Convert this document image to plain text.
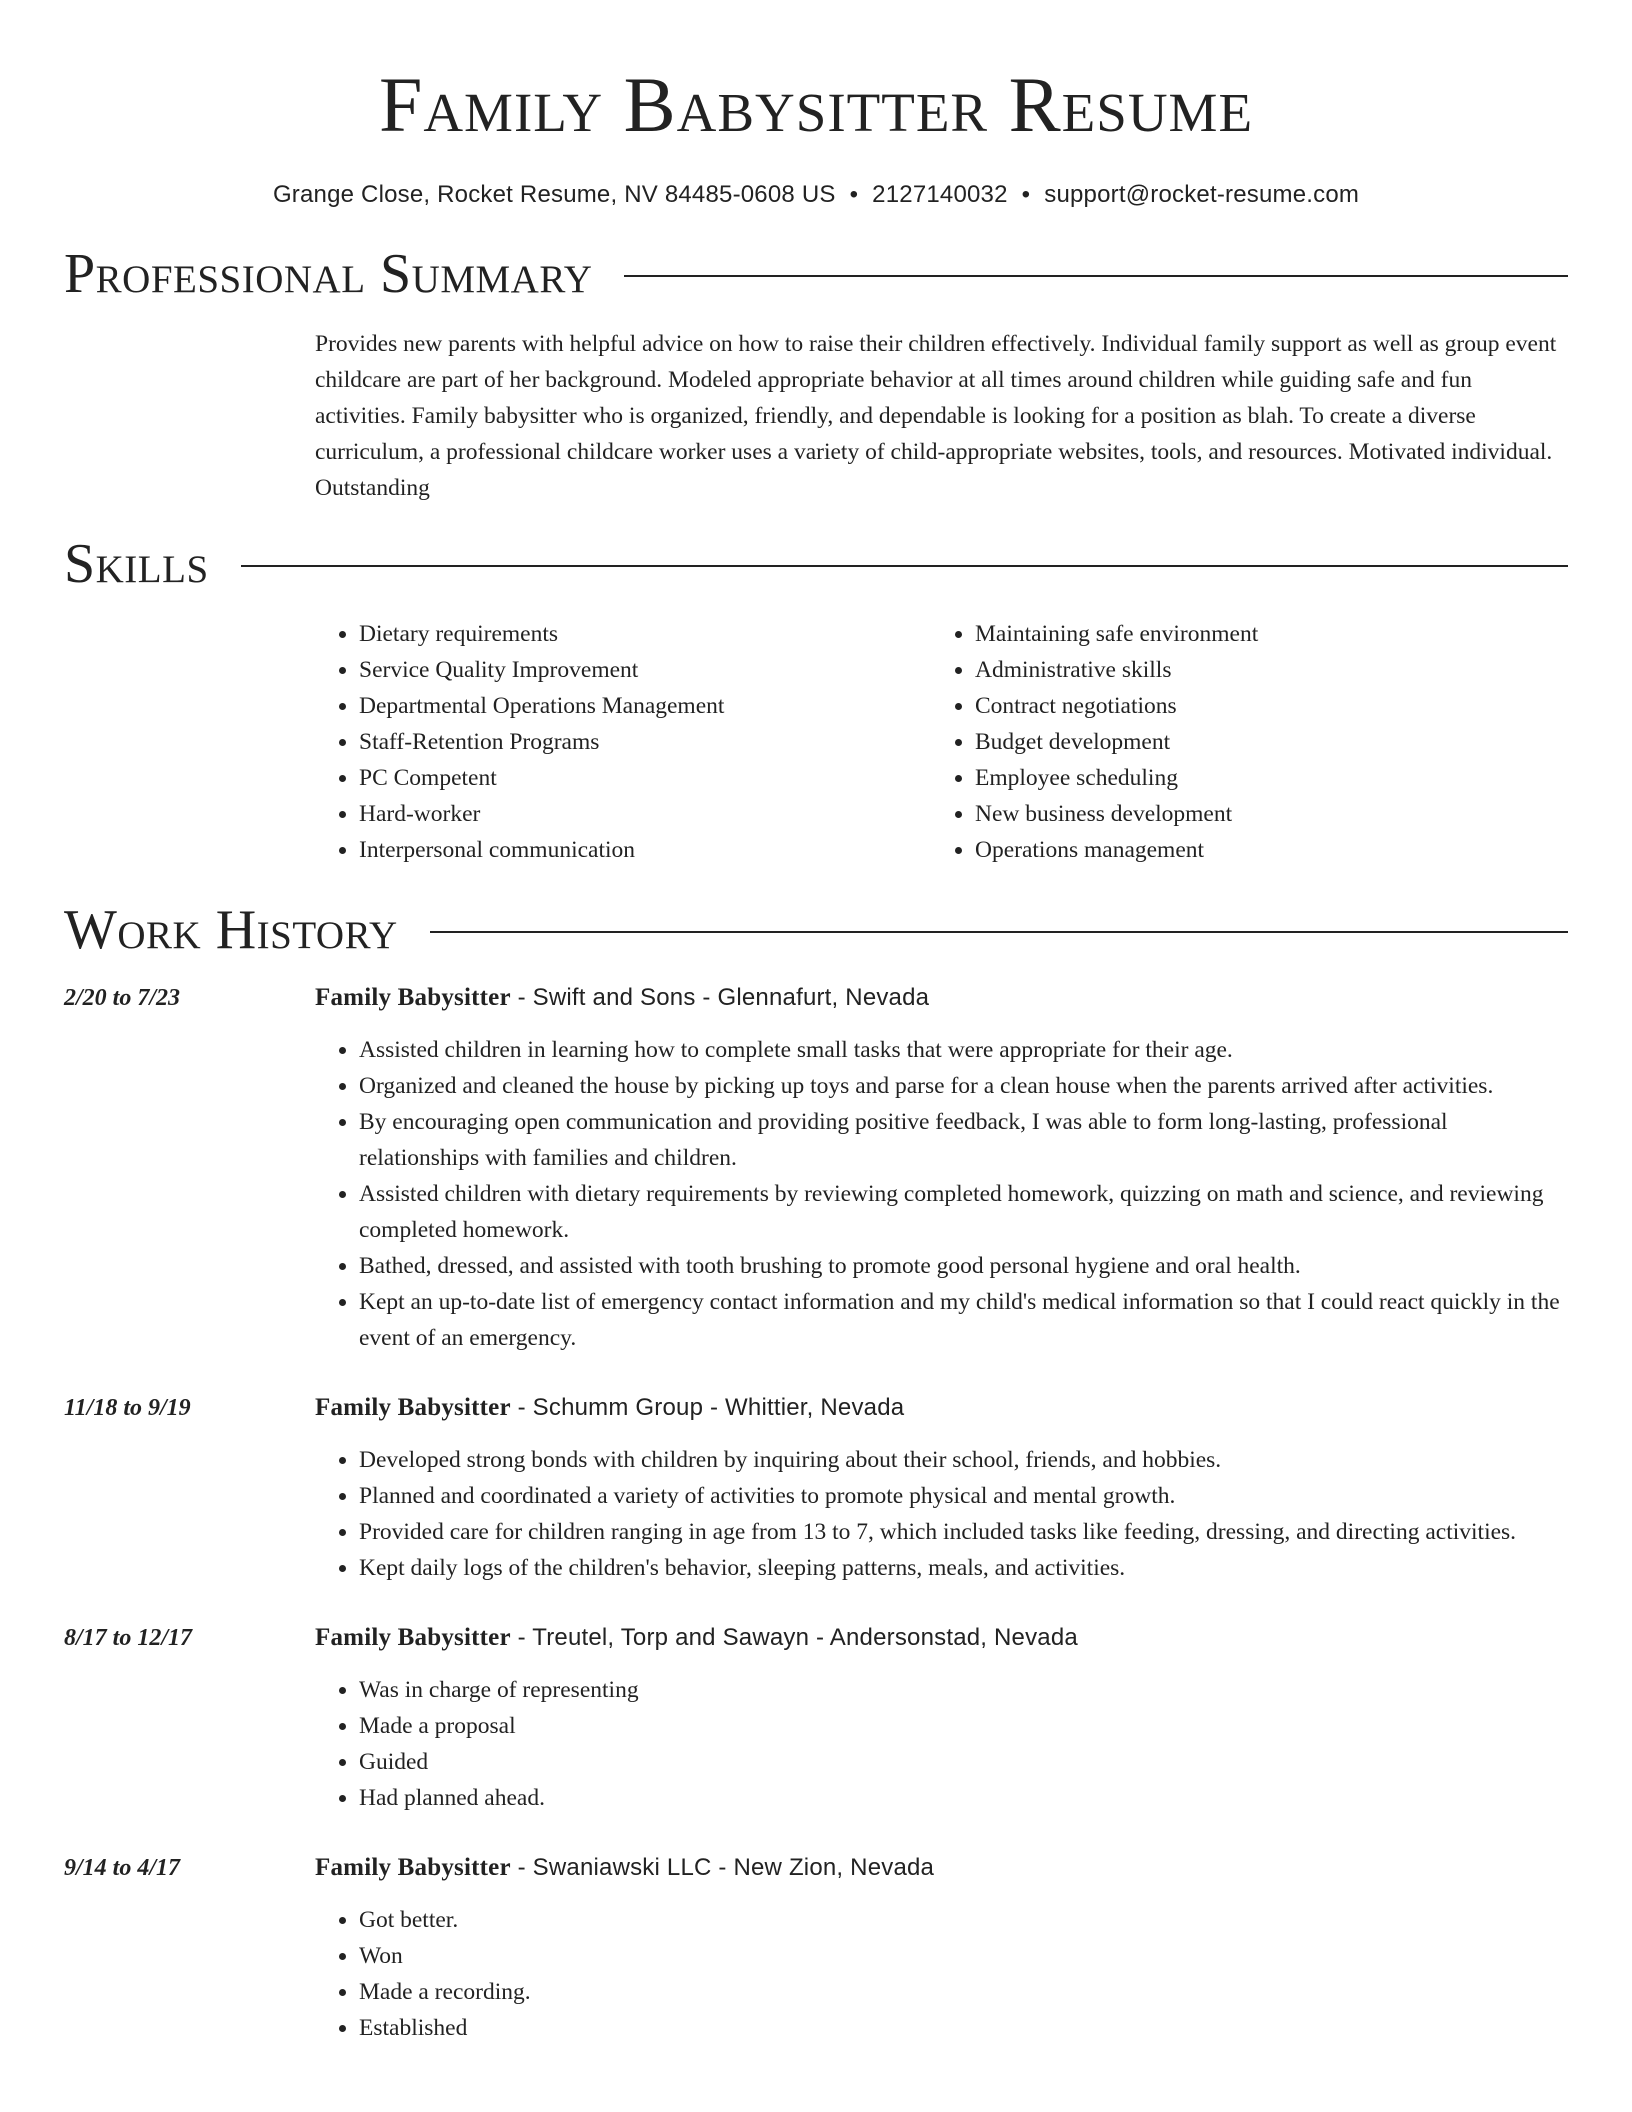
Family Babysitter Resume
Grange Close, Rocket Resume, NV 84485-0608 US • 2127140032 • support@rocket-resume.com
Professional Summary
Provides new parents with helpful advice on how to raise their children effectively. Individual family support as well as group event childcare are part of her background. Modeled appropriate behavior at all times around children while guiding safe and fun activities. Family babysitter who is organized, friendly, and dependable is looking for a position as blah. To create a diverse curriculum, a professional childcare worker uses a variety of child-appropriate websites, tools, and resources. Motivated individual. Outstanding
Skills
• Dietary requirements
• Service Quality Improvement
• Departmental Operations Management
• Staff-Retention Programs
• PC Competent
• Hard-worker
• Interpersonal communication
• Maintaining safe environment
• Administrative skills
• Contract negotiations
• Budget development
• Employee scheduling
• New business development
• Operations management
Work History
2/20 to 7/23	Family Babysitter - Swift and Sons - Glennafurt, Nevada
• Assisted children in learning how to complete small tasks that were appropriate for their age.
• Organized and cleaned the house by picking up toys and parse for a clean house when the parents arrived after activities.
• By encouraging open communication and providing positive feedback, I was able to form long-lasting, professional relationships with families and children.
• Assisted children with dietary requirements by reviewing completed homework, quizzing on math and science, and reviewing completed homework.
• Bathed, dressed, and assisted with tooth brushing to promote good personal hygiene and oral health.
• Kept an up-to-date list of emergency contact information and my child's medical information so that I could react quickly in the event of an emergency.
11/18 to 9/19	Family Babysitter - Schumm Group - Whittier, Nevada
• Developed strong bonds with children by inquiring about their school, friends, and hobbies.
• Planned and coordinated a variety of activities to promote physical and mental growth.
• Provided care for children ranging in age from 13 to 7, which included tasks like feeding, dressing, and directing activities.
• Kept daily logs of the children's behavior, sleeping patterns, meals, and activities.
8/17 to 12/17	Family Babysitter - Treutel, Torp and Sawayn - Andersonstad, Nevada
• Was in charge of representing
• Made a proposal
• Guided
• Had planned ahead.
9/14 to 4/17	Family Babysitter - Swaniawski LLC - New Zion, Nevada
• Got better.
• Won
• Made a recording.
• Established
